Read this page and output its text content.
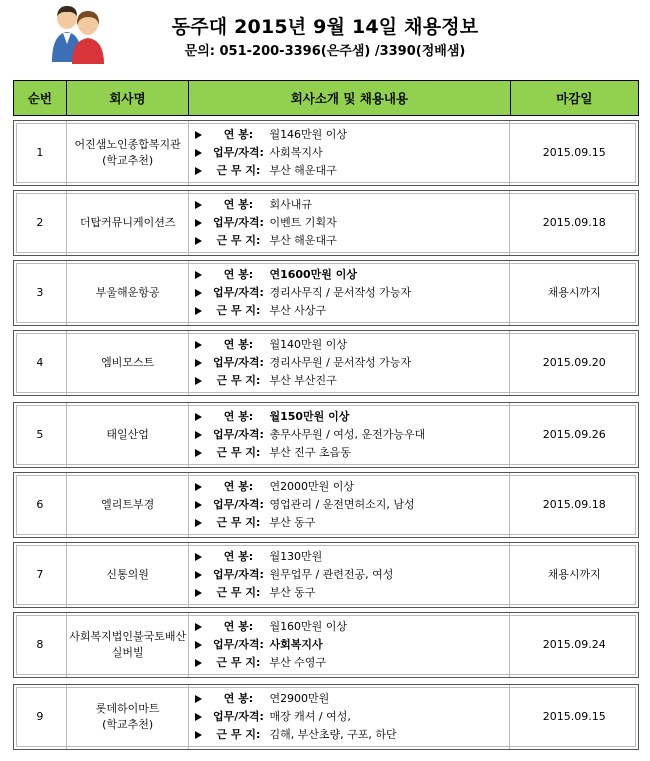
동주대 2015년 9월 14일 채용정보
문의: 051-200-3396(은주샘) /3390(정배샘)
순번	회사명	회사소개 및 채용내용	마감일
1
어진샘노인종합복지관
(학교추천)
연 봉:	월146만원 이상
업무/자격: 사회복지사
근 무 지: 부산 해운대구
2015.09.15
2	더탑커뮤니케이션즈
연 봉:	회사내규
업무/자격: 이벤트 기획자
근 무 지: 부산 해운대구
2015.09.18
3	부울해운항공
연 봉:	연1600만원 이상
업무/자격: 경리사무직 / 문서작성 가능자
근 무 지: 부산 사상구
채용시까지
4	엠비모스트
연 봉:	월140만원 이상
업무/자격: 경리사무원 / 문서작성 가능자
근 무 지: 부산 부산진구
2015.09.20
5	태일산업
연 봉:	월150만원 이상
업무/자격: 총무사무원 / 여성, 운전가능우대
근 무 지: 부산 진구 초읍동
2015.09.26
6	엘리트부경
연 봉:	연2000만원 이상
업무/자격: 영업관리 / 운전면허소지, 남성
근 무 지: 부산 동구
2015.09.18
7	신통의원
연 봉:	월130만원
업무/자격: 원무업무 / 관련전공, 여성
근 무 지: 부산 동구
채용시까지
8
사회복지법인불국토배산
실버빌
연 봉:	월160만원 이상
업무/자격: 사회복지사
근 무 지: 부산 수영구
2015.09.24
9
롯데하이마트
(학교추천)
연 봉:	연2900만원
업무/자격: 매장 캐셔 / 여성,
근 무 지: 김해, 부산초량, 구포, 하단
2015.09.15
